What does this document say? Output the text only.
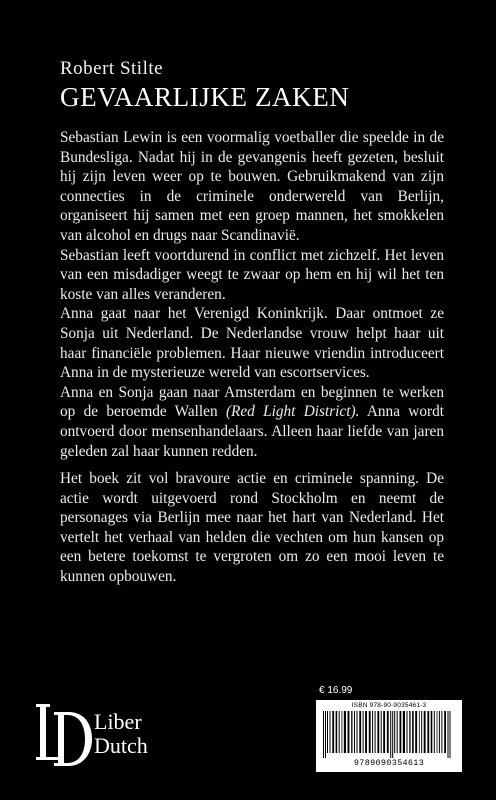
Robert Stilte
GEVAARLIJKE ZAKEN

Sebastian Lewin is een voormalig voetballer die speelde in de Bundesliga. Nadat hij in de gevangenis heeft gezeten, besluit hij zijn leven weer op te bouwen. Gebruikmakend van zijn connecties in de criminele onderwereld van Berlijn, organiseert hij samen met een groep mannen, het smokkelen van alcohol en drugs naar Scandinavië.

Sebastian leeft voortdurend in conflict met zichzelf. Het leven van een misdadiger weegt te zwaar op hem en hij wil het ten koste van alles veranderen.

Anna gaat naar het Verenigd Koninkrijk. Daar ontmoet ze Sonja uit Nederland. De Nederlandse vrouw helpt haar uit haar financiële problemen. Haar nieuwe vriendin introduceert Anna in de mysterieuze wereld van escortservices.

Anna en Sonja gaan naar Amsterdam en beginnen te werken op de beroemde Wallen (Red Light District). Anna wordt ontvoerd door mensenhandelaars. Alleen haar liefde van jaren geleden zal haar kunnen redden.

Het boek zit vol bravoure actie en criminele spanning. De actie wordt uitgevoerd rond Stockholm en neemt de personages via Berlijn mee naar het hart van Nederland. Het vertelt het verhaal van helden die vechten om hun kansen op een betere toekomst te vergroten om zo een mooi leven te kunnen opbouwen.

Liber
Dutch
€ 16.99
ISBN 978-90-9035461-3
9789090354613
